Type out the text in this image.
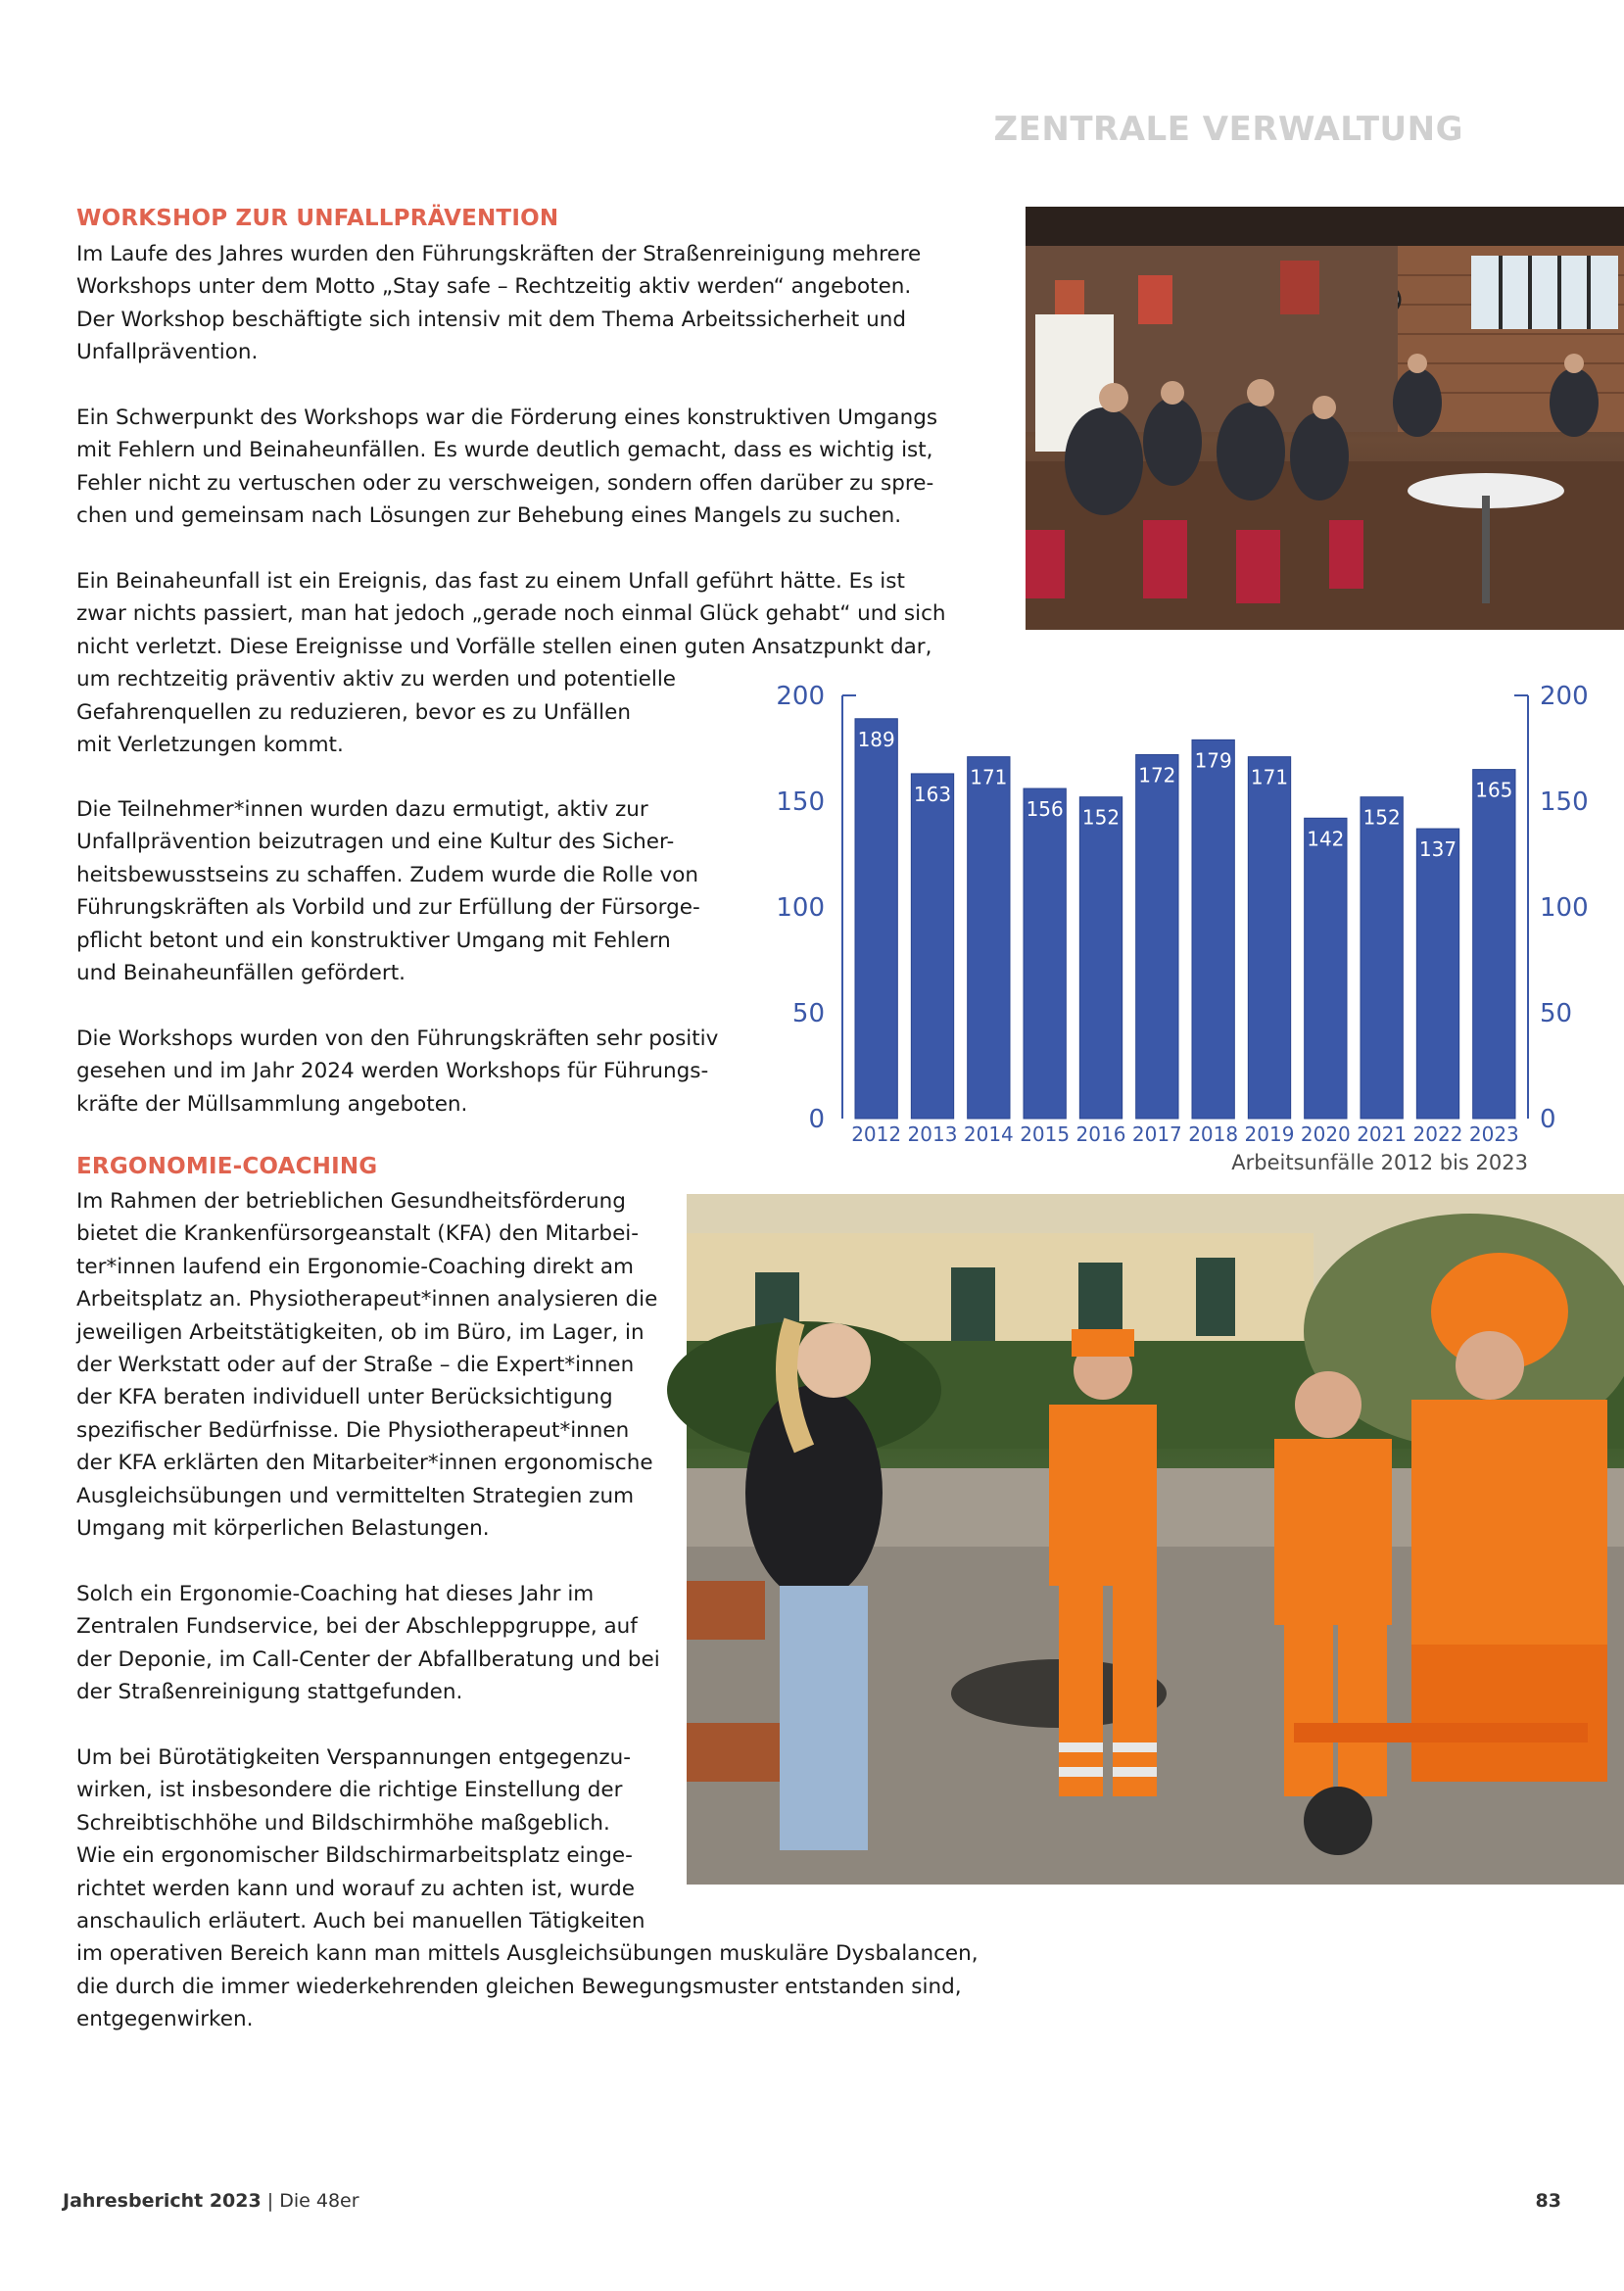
ZENTRALE VERWALTUNG
WORKSHOP ZUR UNFALLPRÄVENTION
Im Laufe des Jahres wurden den Führungskräften der Straßenreinigung mehrere
Workshops unter dem Motto „Stay safe – Rechtzeitig aktiv werden“ angeboten.
Der Workshop beschäftigte sich intensiv mit dem Thema Arbeitssicherheit und
Unfallprävention.
Ein Schwerpunkt des Workshops war die Förderung eines konstruktiven Umgangs
mit Fehlern und Beinaheunfällen. Es wurde deutlich gemacht, dass es wichtig ist,
Fehler nicht zu vertuschen oder zu verschweigen, sondern offen darüber zu spre-
chen und gemeinsam nach Lösungen zur Behebung eines Mangels zu suchen.
Ein Beinaheunfall ist ein Ereignis, das fast zu einem Unfall geführt hätte. Es ist
zwar nichts passiert, man hat jedoch „gerade noch einmal Glück gehabt“ und sich
nicht verletzt. Diese Ereignisse und Vorfälle stellen einen guten Ansatzpunkt dar,
um rechtzeitig präventiv aktiv zu werden und potentielle
Gefahrenquellen zu reduzieren, bevor es zu Unfällen
mit Verletzungen kommt.
Die Teilnehmer*innen wurden dazu ermutigt, aktiv zur
Unfallprävention beizutragen und eine Kultur des Sicher-
heitsbewusstseins zu schaffen. Zudem wurde die Rolle von
Führungskräften als Vorbild und zur Erfüllung der Fürsorge-
pflicht betont und ein konstruktiver Umgang mit Fehlern
und Beinaheunfällen gefördert.
Die Workshops wurden von den Führungskräften sehr positiv
gesehen und im Jahr 2024 werden Workshops für Führungs-
kräfte der Müllsammlung angeboten.
ERGONOMIE-COACHING
Im Rahmen der betrieblichen Gesundheitsförderung
bietet die Krankenfürsorgeanstalt (KFA) den Mitarbei-
ter*innen laufend ein Ergonomie-Coaching direkt am
Arbeitsplatz an. Physiotherapeut*innen analysieren die
jeweiligen Arbeitstätigkeiten, ob im Büro, im Lager, in
der Werkstatt oder auf der Straße – die Expert*innen
der KFA beraten individuell unter Berücksichtigung
spezifischer Bedürfnisse. Die Physiotherapeut*innen
der KFA erklärten den Mitarbeiter*innen ergonomische
Ausgleichsübungen und vermittelten Strategien zum
Umgang mit körperlichen Belastungen.
Solch ein Ergonomie-Coaching hat dieses Jahr im
Zentralen Fundservice, bei der Abschleppgruppe, auf
der Deponie, im Call-Center der Abfallberatung und bei
der Straßenreinigung stattgefunden.
Um bei Bürotätigkeiten Verspannungen entgegenzu-
wirken, ist insbesondere die richtige Einstellung der
Schreibtischhöhe und Bildschirmhöhe maßgeblich.
Wie ein ergonomischer Bildschirmarbeitsplatz einge-
richtet werden kann und worauf zu achten ist, wurde
anschaulich erläutert. Auch bei manuellen Tätigkeiten
im operativen Bereich kann man mittels Ausgleichsübungen muskuläre Dysbalancen,
die durch die immer wiederkehrenden gleichen Bewegungsmuster entstanden sind,
entgegenwirken.
0	0
50	50
100	100
150	150
200	200
189
2012
163
2013
171
2014
156
2015
152
2016
172
2017
179
2018
171
2019
142
2020
152
2021
137
2022
165
2023
Arbeitsunfälle 2012 bis 2023
Jahresbericht 2023 | Die 48er	83
